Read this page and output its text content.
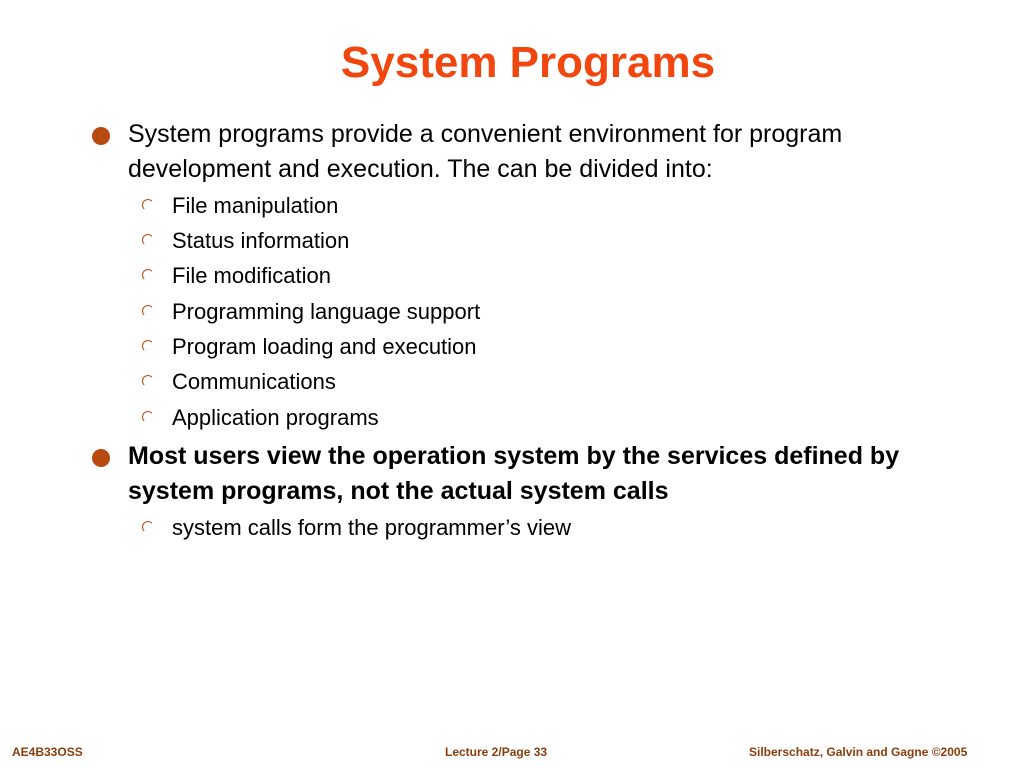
System Programs
System programs provide a convenient environment for program development and execution. The can be divided into:
File manipulation
Status information
File modification
Programming language support
Program loading and execution
Communications
Application programs
Most users view the operation system by the services defined by system programs, not the actual system calls
system calls form the programmer’s view
AE4B33OSS	Lecture 2/Page 33	Silberschatz, Galvin and Gagne ©2005
